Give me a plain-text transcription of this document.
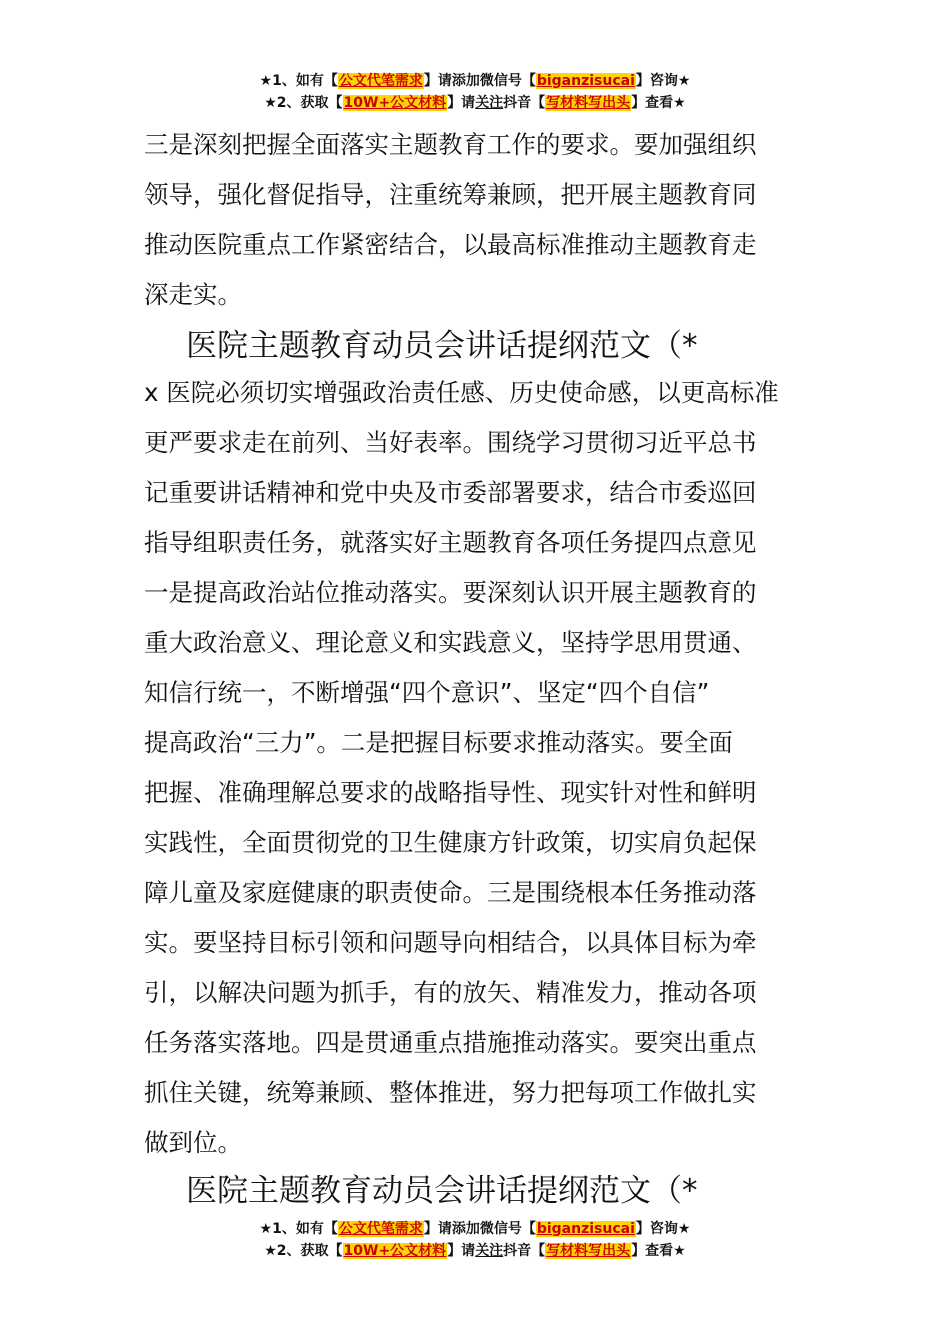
★1、如有【公文代笔需求】请添加微信号【biganzisucai】咨询★
★2、获取【10W+公文材料】请关注抖音【写材料写出头】查看★
三是深刻把握全面落实主题教育工作的要求。要加强组织
领导，强化督促指导，注重统筹兼顾，把开展主题教育同
推动医院重点工作紧密结合，以最高标准推动主题教育走
深走实。
医院主题教育动员会讲话提纲范文（*
x 医院必须切实增强政治责任感、历史使命感，以更高标准
更严要求走在前列、当好表率。围绕学习贯彻习近平总书
记重要讲话精神和党中央及市委部署要求，结合市委巡回
指导组职责任务，就落实好主题教育各项任务提四点意见
一是提高政治站位推动落实。要深刻认识开展主题教育的
重大政治意义、理论意义和实践意义，坚持学思用贯通、
知信行统一，不断增强“四个意识”、坚定“四个自信”
提高政治“三力”。二是把握目标要求推动落实。要全面
把握、准确理解总要求的战略指导性、现实针对性和鲜明
实践性，全面贯彻党的卫生健康方针政策，切实肩负起保
障儿童及家庭健康的职责使命。三是围绕根本任务推动落
实。要坚持目标引领和问题导向相结合，以具体目标为牵
引，以解决问题为抓手，有的放矢、精准发力，推动各项
任务落实落地。四是贯通重点措施推动落实。要突出重点
抓住关键，统筹兼顾、整体推进，努力把每项工作做扎实
做到位。
医院主题教育动员会讲话提纲范文（*
★1、如有【公文代笔需求】请添加微信号【biganzisucai】咨询★
★2、获取【10W+公文材料】请关注抖音【写材料写出头】查看★
